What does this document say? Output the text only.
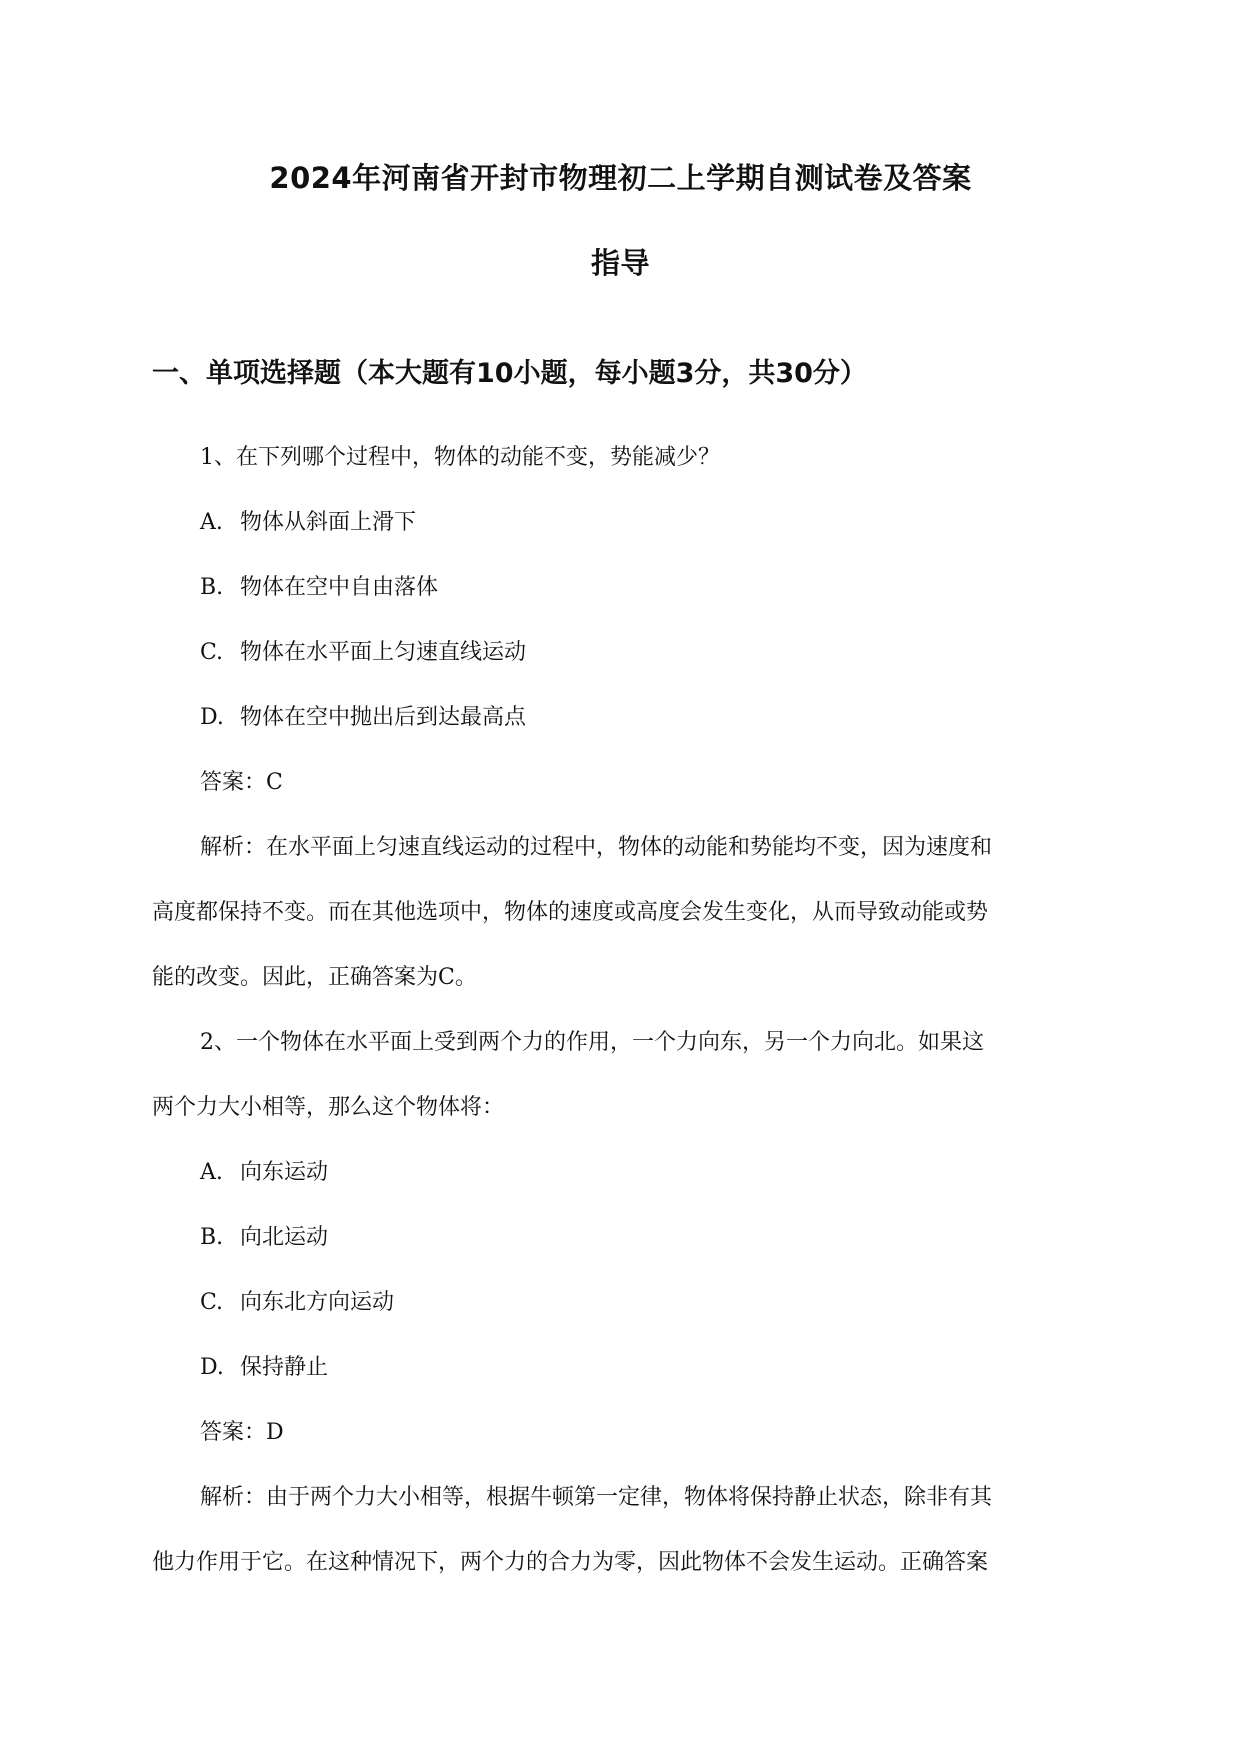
2024年河南省开封市物理初二上学期自测试卷及答案
指导
一、单项选择题（本大题有10小题，每小题3分，共30分）
1、在下列哪个过程中，物体的动能不变，势能减少？
A. 物体从斜面上滑下
B. 物体在空中自由落体
C. 物体在水平面上匀速直线运动
D. 物体在空中抛出后到达最高点
答案：C
解析：在水平面上匀速直线运动的过程中，物体的动能和势能均不变，因为速度和
高度都保持不变。而在其他选项中，物体的速度或高度会发生变化，从而导致动能或势
能的改变。因此，正确答案为C。
2、一个物体在水平面上受到两个力的作用，一个力向东，另一个力向北。如果这
两个力大小相等，那么这个物体将：
A. 向东运动
B. 向北运动
C. 向东北方向运动
D. 保持静止
答案：D
解析：由于两个力大小相等，根据牛顿第一定律，物体将保持静止状态，除非有其
他力作用于它。在这种情况下，两个力的合力为零，因此物体不会发生运动。正确答案
